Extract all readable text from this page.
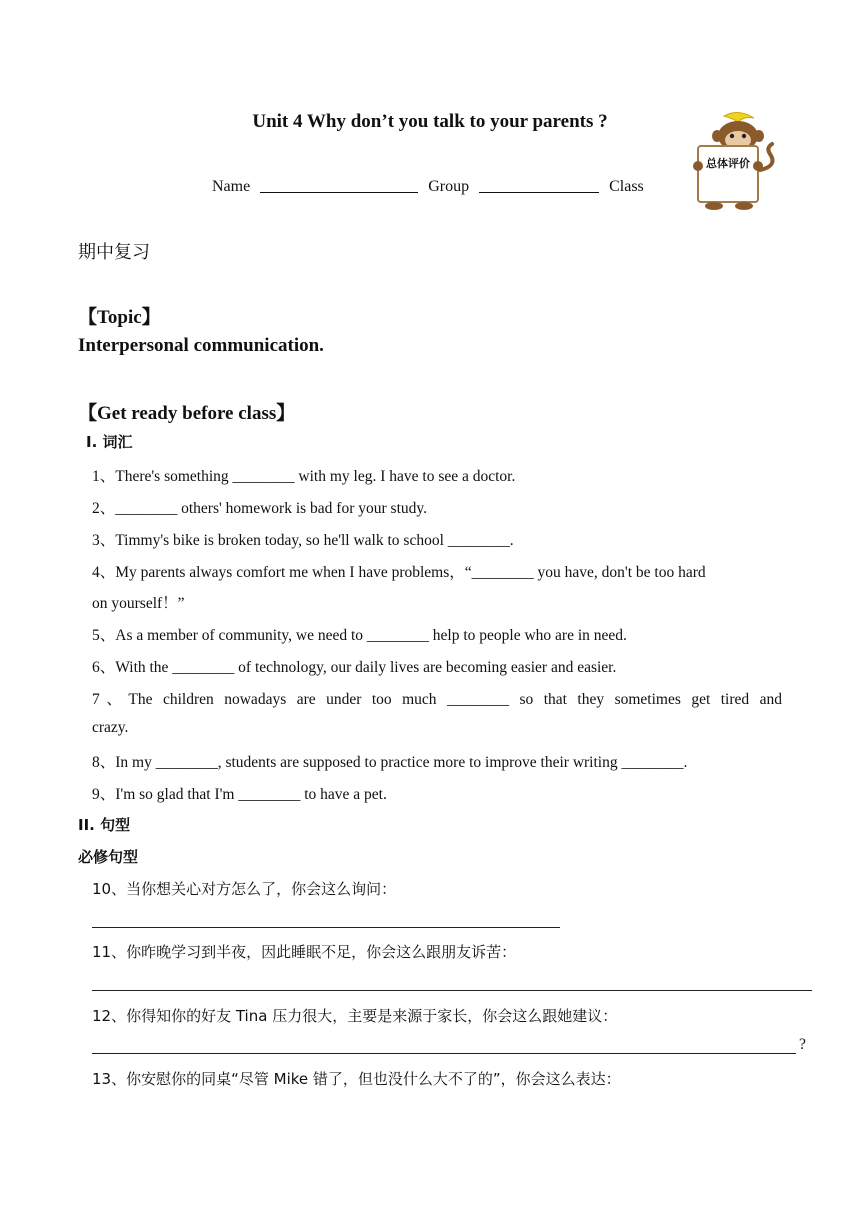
Unit 4 Why don’t you talk to your parents ?
Name	Group	Class
总体评价
期中复习
【Topic】
Interpersonal communication.
【Get ready before class】
I. 词汇
1、There's something ________ with my leg. I have to see a doctor.
2、________ others' homework is bad for your study.
3、Timmy's bike is broken today, so he'll walk to school ________.
4、My parents always comfort me when I have problems，“________ you have, don't be too hard
on yourself！”
5、As a member of community, we need to ________ help to people who are in need.
6、With the ________ of technology, our daily lives are becoming easier and easier.
7、The children nowadays are under too much ________ so that they sometimes get tired and
crazy.
8、In my ________, students are supposed to practice more to improve their writing ________.
9、I'm so glad that I'm ________ to have a pet.
II. 句型
必修句型
10、当你想关心对方怎么了，你会这么询问：
11、你昨晚学习到半夜，因此睡眠不足，你会这么跟朋友诉苦：
12、你得知你的好友 Tina 压力很大，主要是来源于家长，你会这么跟她建议：
?
13、你安慰你的同桌“尽管 Mike 错了，但也没什么大不了的”，你会这么表达：
